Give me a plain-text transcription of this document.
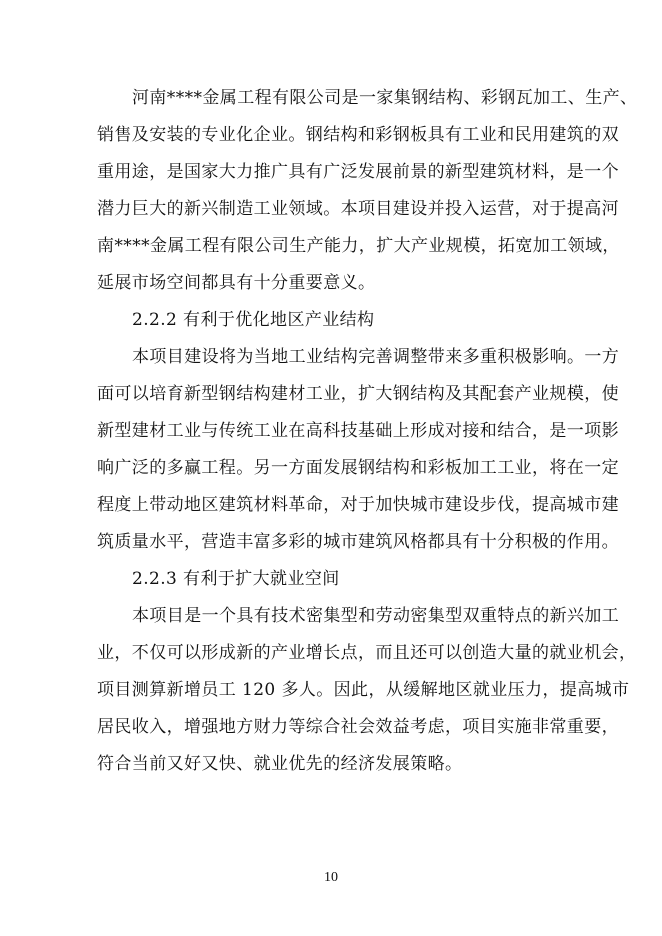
河南****金属工程有限公司是一家集钢结构、彩钢瓦加工、生产、
销售及安装的专业化企业。钢结构和彩钢板具有工业和民用建筑的双
重用途，是国家大力推广具有广泛发展前景的新型建筑材料，是一个
潜力巨大的新兴制造工业领域。本项目建设并投入运营，对于提高河
南****金属工程有限公司生产能力，扩大产业规模，拓宽加工领域，
延展市场空间都具有十分重要意义。
2.2.2 有利于优化地区产业结构
本项目建设将为当地工业结构完善调整带来多重积极影响。一方
面可以培育新型钢结构建材工业，扩大钢结构及其配套产业规模，使
新型建材工业与传统工业在高科技基础上形成对接和结合，是一项影
响广泛的多赢工程。另一方面发展钢结构和彩板加工工业，将在一定
程度上带动地区建筑材料革命，对于加快城市建设步伐，提高城市建
筑质量水平，营造丰富多彩的城市建筑风格都具有十分积极的作用。
2.2.3 有利于扩大就业空间
本项目是一个具有技术密集型和劳动密集型双重特点的新兴加工
业，不仅可以形成新的产业增长点，而且还可以创造大量的就业机会，
项目测算新增员工 120 多人。因此，从缓解地区就业压力，提高城市
居民收入，增强地方财力等综合社会效益考虑，项目实施非常重要，
符合当前又好又快、就业优先的经济发展策略。
10
